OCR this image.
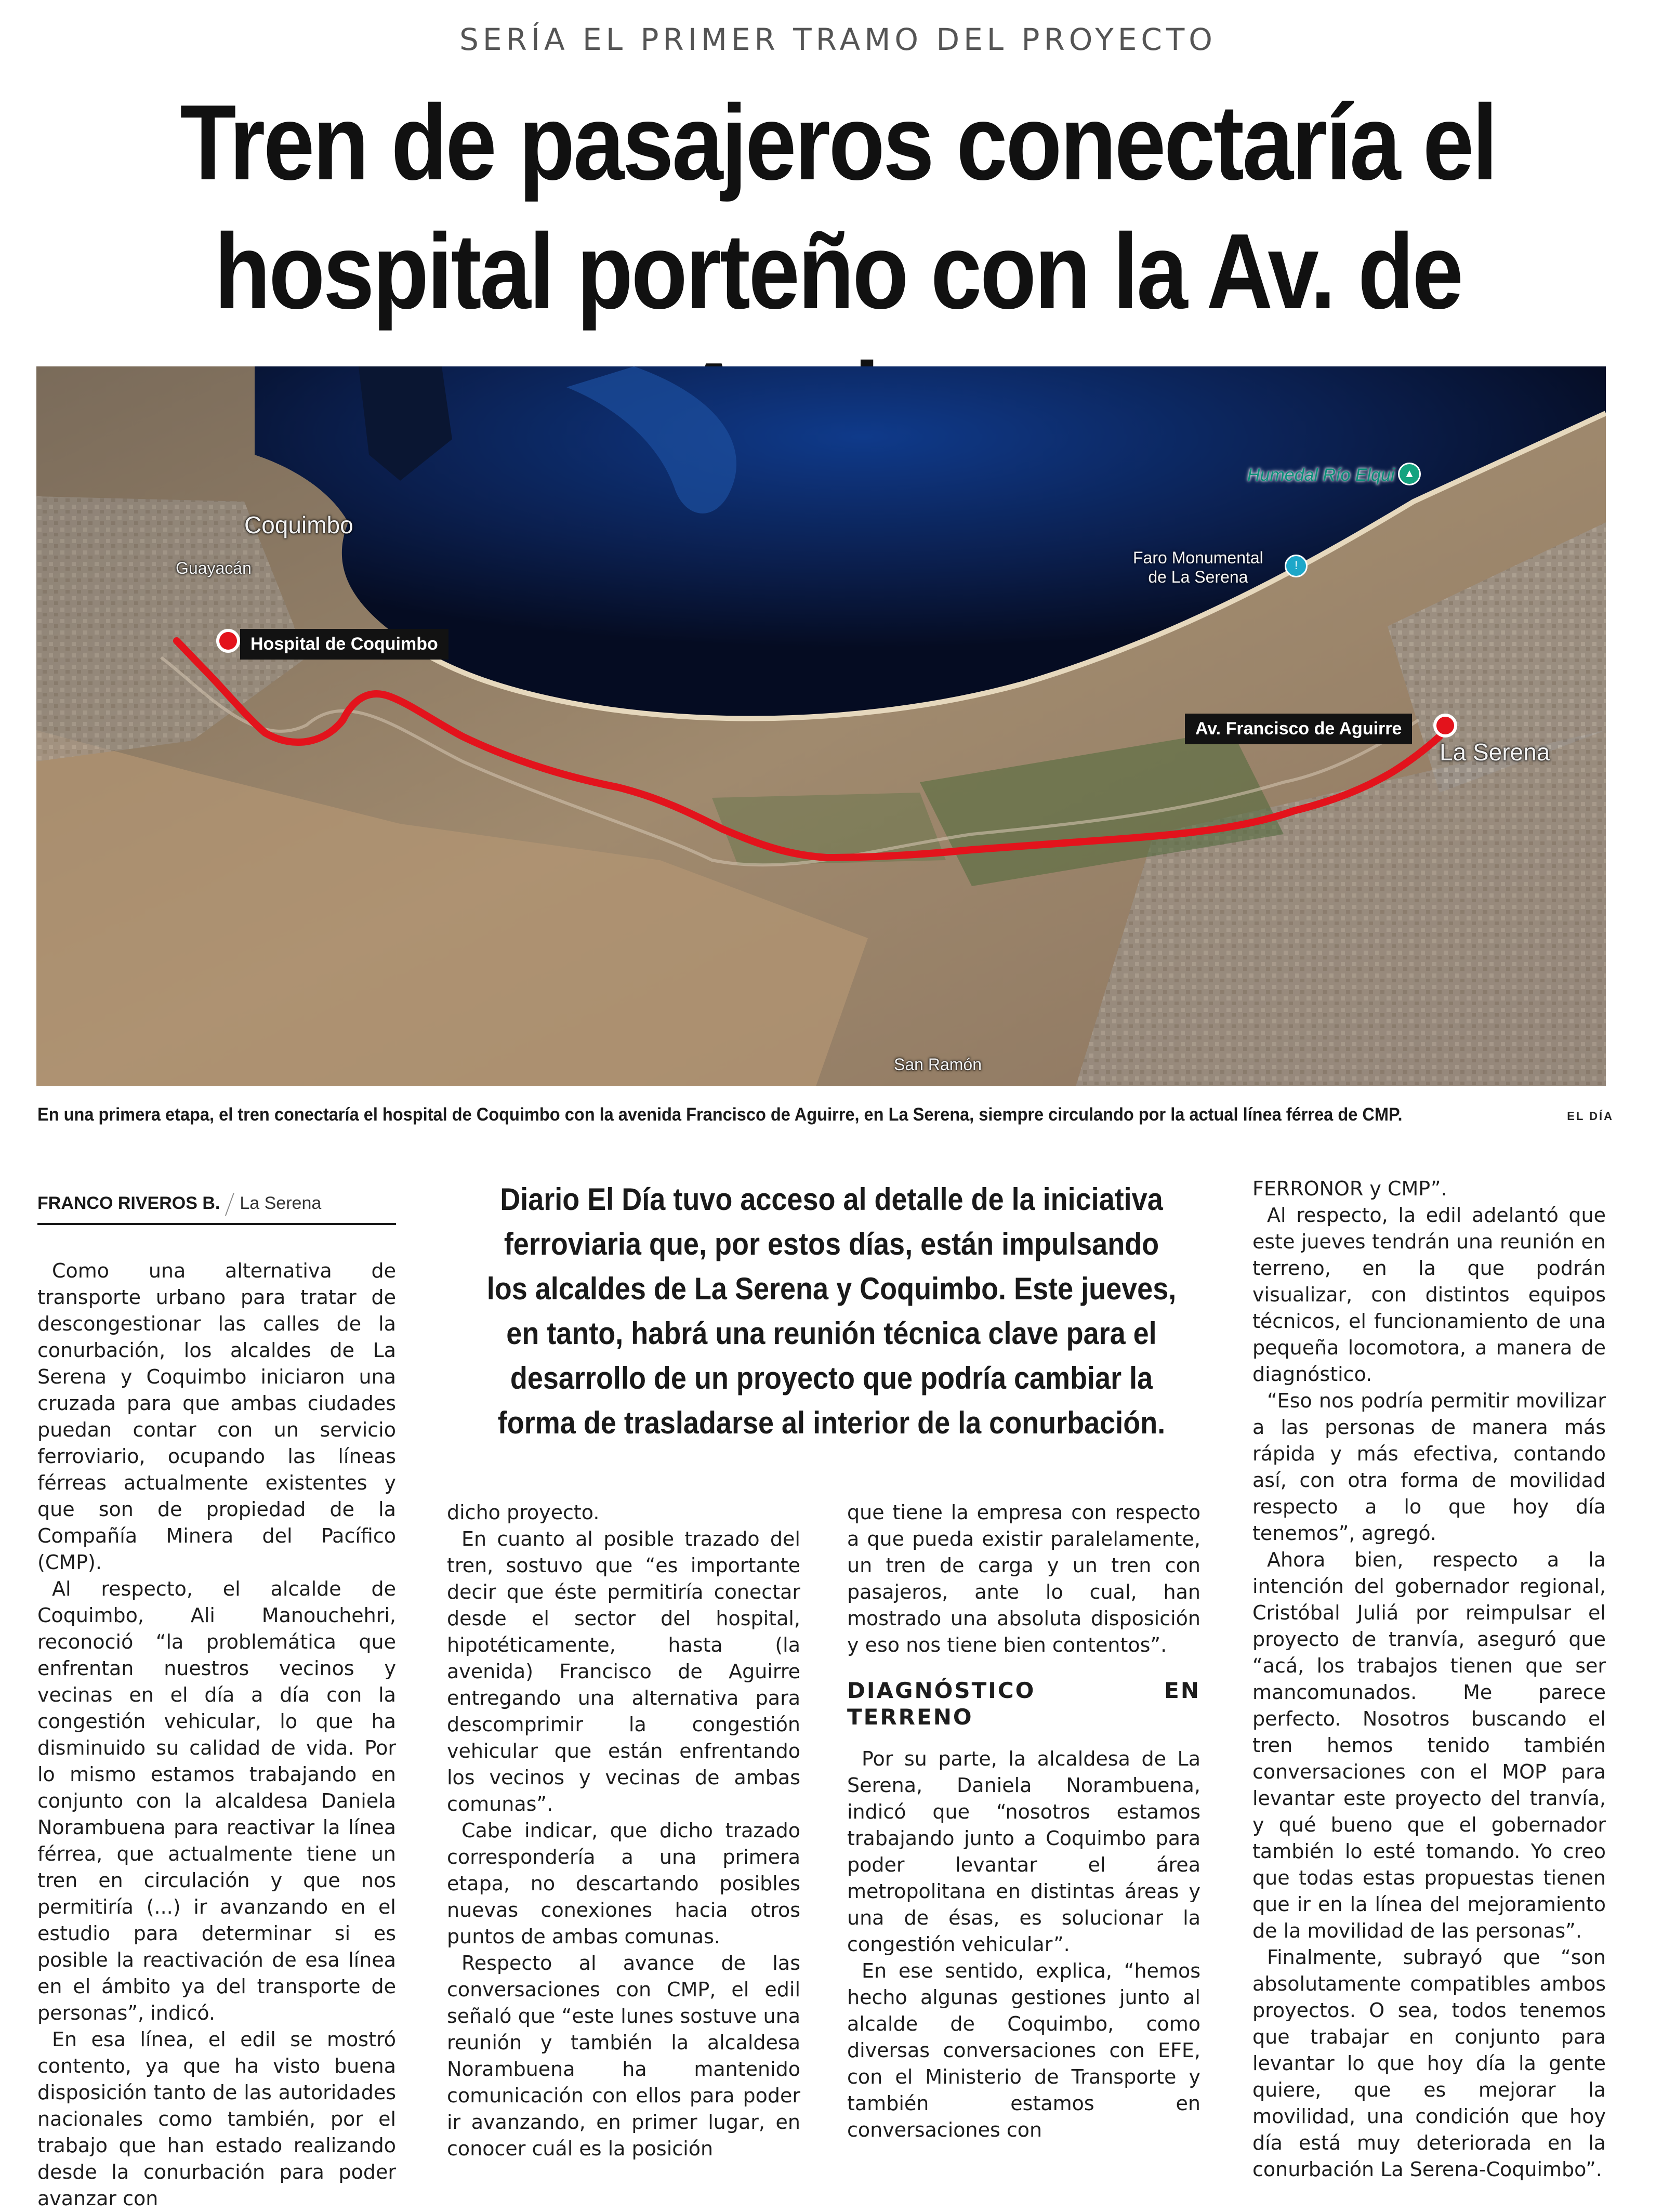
SERÍA EL PRIMER TRAMO DEL PROYECTO
Tren de pasajeros conectaría el
hospital porteño con la Av. de
Coquimbo
Guayacán
La Serena
San Ramón
Humedal Río Elqui ▲
Faro Monumental
de La Serena
!
Hospital de Coquimbo
Av. Francisco de Aguirre
En una primera etapa, el tren conectaría el hospital de Coquimbo con la avenida Francisco de Aguirre, en La Serena, siempre circulando por la actual línea férrea de CMP.	EL DÍA
FRANCO RIVEROS B. La Serena	Diario El Día tuvo acceso al detalle de la iniciativa ferroviaria que, por estos días, están impulsando los alcaldes de La Serena y Coquimbo. Este jueves, en tanto, habrá una reunión técnica clave para el desarrollo de un proyecto que podría cambiar la forma de trasladarse al interior de la conurbación.

Como una alternativa de transporte urbano para tratar de descongestionar las calles de la conurbación, los alcaldes de La Serena y Coquimbo iniciaron una cruzada para que ambas ciudades puedan contar con un servicio ferroviario, ocupando las líneas férreas actualmente existentes y que son de propiedad de la Compañía Minera del Pacífico (CMP).

Al respecto, el alcalde de Coquimbo, Ali Manouchehri, reconoció “la problemática que enfrentan nuestros vecinos y vecinas en el día a día con la congestión vehicular, lo que ha disminuido su calidad de vida. Por lo mismo estamos trabajando en conjunto con la alcaldesa Daniela Norambuena para reactivar la línea férrea, que actualmente tiene un tren en circulación y que nos permitiría (...) ir avanzando en el estudio para determinar si es posible la reactivación de esa línea en el ámbito ya del transporte de personas”, indicó.

En esa línea, el edil se mostró contento, ya que ha visto buena disposición tanto de las autoridades nacionales como también, por el trabajo que han estado realizando desde la conurbación para poder avanzar con

dicho proyecto.

En cuanto al posible trazado del tren, sostuvo que “es importante decir que éste permitiría conectar desde el sector del hospital, hipotéticamente, hasta (la avenida) Francisco de Aguirre entregando una alternativa para descomprimir la congestión vehicular que están enfrentando los vecinos y vecinas de ambas comunas”.

Cabe indicar, que dicho trazado correspondería a una primera etapa, no descartando posibles nuevas conexiones hacia otros puntos de ambas comunas.

Respecto al avance de las conversaciones con CMP, el edil señaló que “este lunes sostuve una reunión y también la alcaldesa Norambuena ha mantenido comunicación con ellos para poder ir avanzando, en primer lugar, en conocer cuál es la posición

que tiene la empresa con respecto a que pueda existir paralelamente, un tren de carga y un tren con pasajeros, ante lo cual, han mostrado una absoluta disposición y eso nos tiene bien contentos”.

DIAGNÓSTICO EN TERRENO

Por su parte, la alcaldesa de La Serena, Daniela Norambuena, indicó que “nosotros estamos trabajando junto a Coquimbo para poder levantar el área metropolitana en distintas áreas y una de ésas, es solucionar la congestión vehicular”.

En ese sentido, explica, “hemos hecho algunas gestiones junto al alcalde de Coquimbo, como diversas conversaciones con EFE, con el Ministerio de Transporte y también estamos en conversaciones con

FERRONOR y CMP”.

Al respecto, la edil adelantó que este jueves tendrán una reunión en terreno, en la que podrán visualizar, con distintos equipos técnicos, el funcionamiento de una pequeña locomotora, a manera de diagnóstico.

“Eso nos podría permitir movilizar a las personas de manera más rápida y más efectiva, contando así, con otra forma de movilidad respecto a lo que hoy día tenemos”, agregó.

Ahora bien, respecto a la intención del gobernador regional, Cristóbal Juliá por reimpulsar el proyecto de tranvía, aseguró que “acá, los trabajos tienen que ser mancomunados. Me parece perfecto. Nosotros buscando el tren hemos tenido también conversaciones con el MOP para levantar este proyecto del tranvía, y qué bueno que el gobernador también lo esté tomando. Yo creo que todas estas propuestas tienen que ir en la línea del mejoramiento de la movilidad de las personas”.

Finalmente, subrayó que “son absolutamente compatibles ambos proyectos. O sea, todos tenemos que trabajar en conjunto para levantar lo que hoy día la gente quiere, que es mejorar la movilidad, una condición que hoy día está muy deteriorada en la conurbación La Serena-Coquimbo”.
